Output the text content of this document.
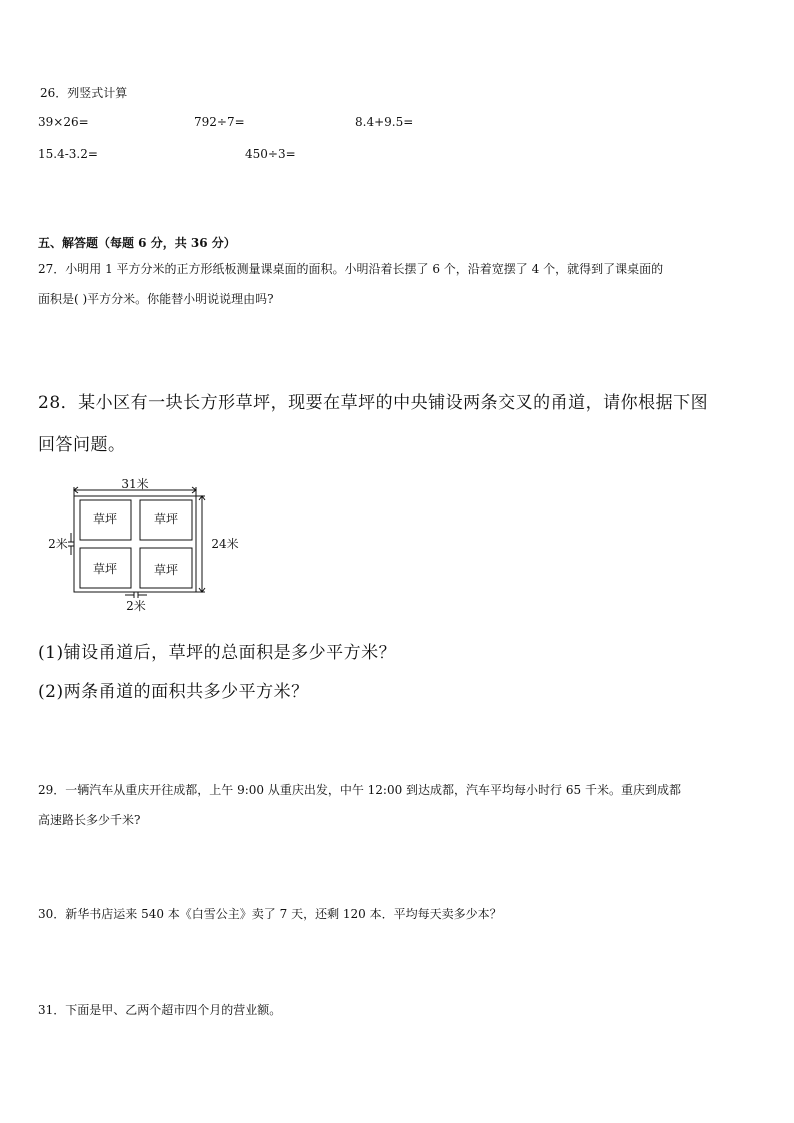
26．列竖式计算
39×26=	792÷7=	8.4+9.5=
15.4-3.2=	450÷3=
五、解答题（每题 6 分，共 36 分）
27．小明用 1 平方分米的正方形纸板测量课桌面的面积。小明沿着长摆了 6 个，沿着宽摆了 4 个，就得到了课桌面的
面积是( )平方分米。你能替小明说说理由吗?
28．某小区有一块长方形草坪，现要在草坪的中央铺设两条交叉的甬道，请你根据下图
回答问题。
31米
24米
2米
2米
草坪	草坪
草坪	草坪
(1)铺设甬道后，草坪的总面积是多少平方米？
(2)两条甬道的面积共多少平方米？
29．一辆汽车从重庆开往成都，上午 9:00 从重庆出发，中午 12:00 到达成都，汽车平均每小时行 65 千米。重庆到成都
高速路长多少千米?
30．新华书店运来 540 本《白雪公主》卖了 7 天，还剩 120 本．平均每天卖多少本？
31．下面是甲、乙两个超市四个月的营业额。
